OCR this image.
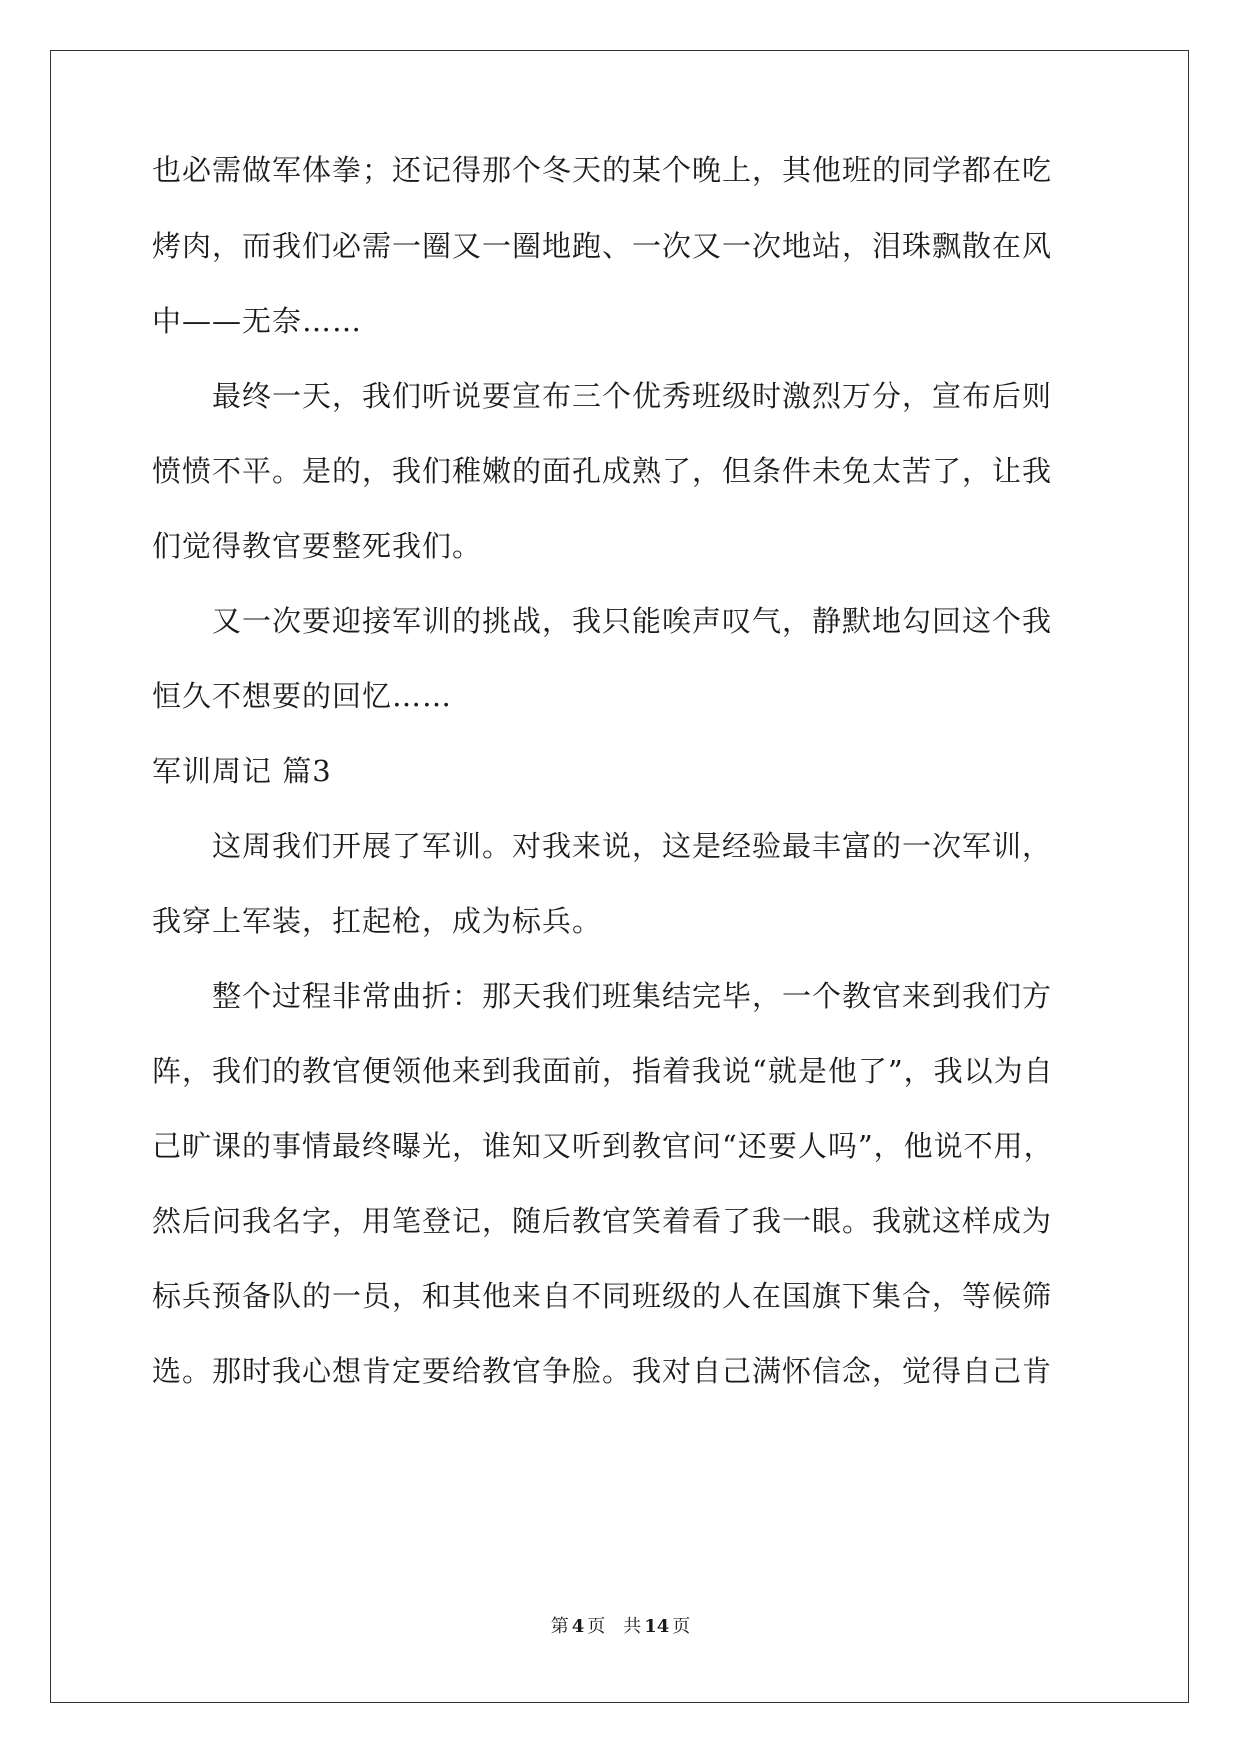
也必需做军体拳；还记得那个冬天的某个晚上，其他班的同学都在吃
烤肉，而我们必需一圈又一圈地跑、一次又一次地站，泪珠飘散在风
中——无奈……
　　最终一天，我们听说要宣布三个优秀班级时激烈万分，宣布后则
愤愤不平。是的，我们稚嫩的面孔成熟了，但条件未免太苦了，让我
们觉得教官要整死我们。
　　又一次要迎接军训的挑战，我只能唉声叹气，静默地勾回这个我
恒久不想要的回忆……
军训周记 篇3
　　这周我们开展了军训。对我来说，这是经验最丰富的一次军训，
我穿上军装，扛起枪，成为标兵。
　　整个过程非常曲折：那天我们班集结完毕，一个教官来到我们方
阵，我们的教官便领他来到我面前，指着我说“就是他了”，我以为自
己旷课的事情最终曝光，谁知又听到教官问“还要人吗”，他说不用，
然后问我名字，用笔登记，随后教官笑着看了我一眼。我就这样成为
标兵预备队的一员，和其他来自不同班级的人在国旗下集合，等候筛
选。那时我心想肯定要给教官争脸。我对自己满怀信念，觉得自己肯
第 4 页 共 14 页
